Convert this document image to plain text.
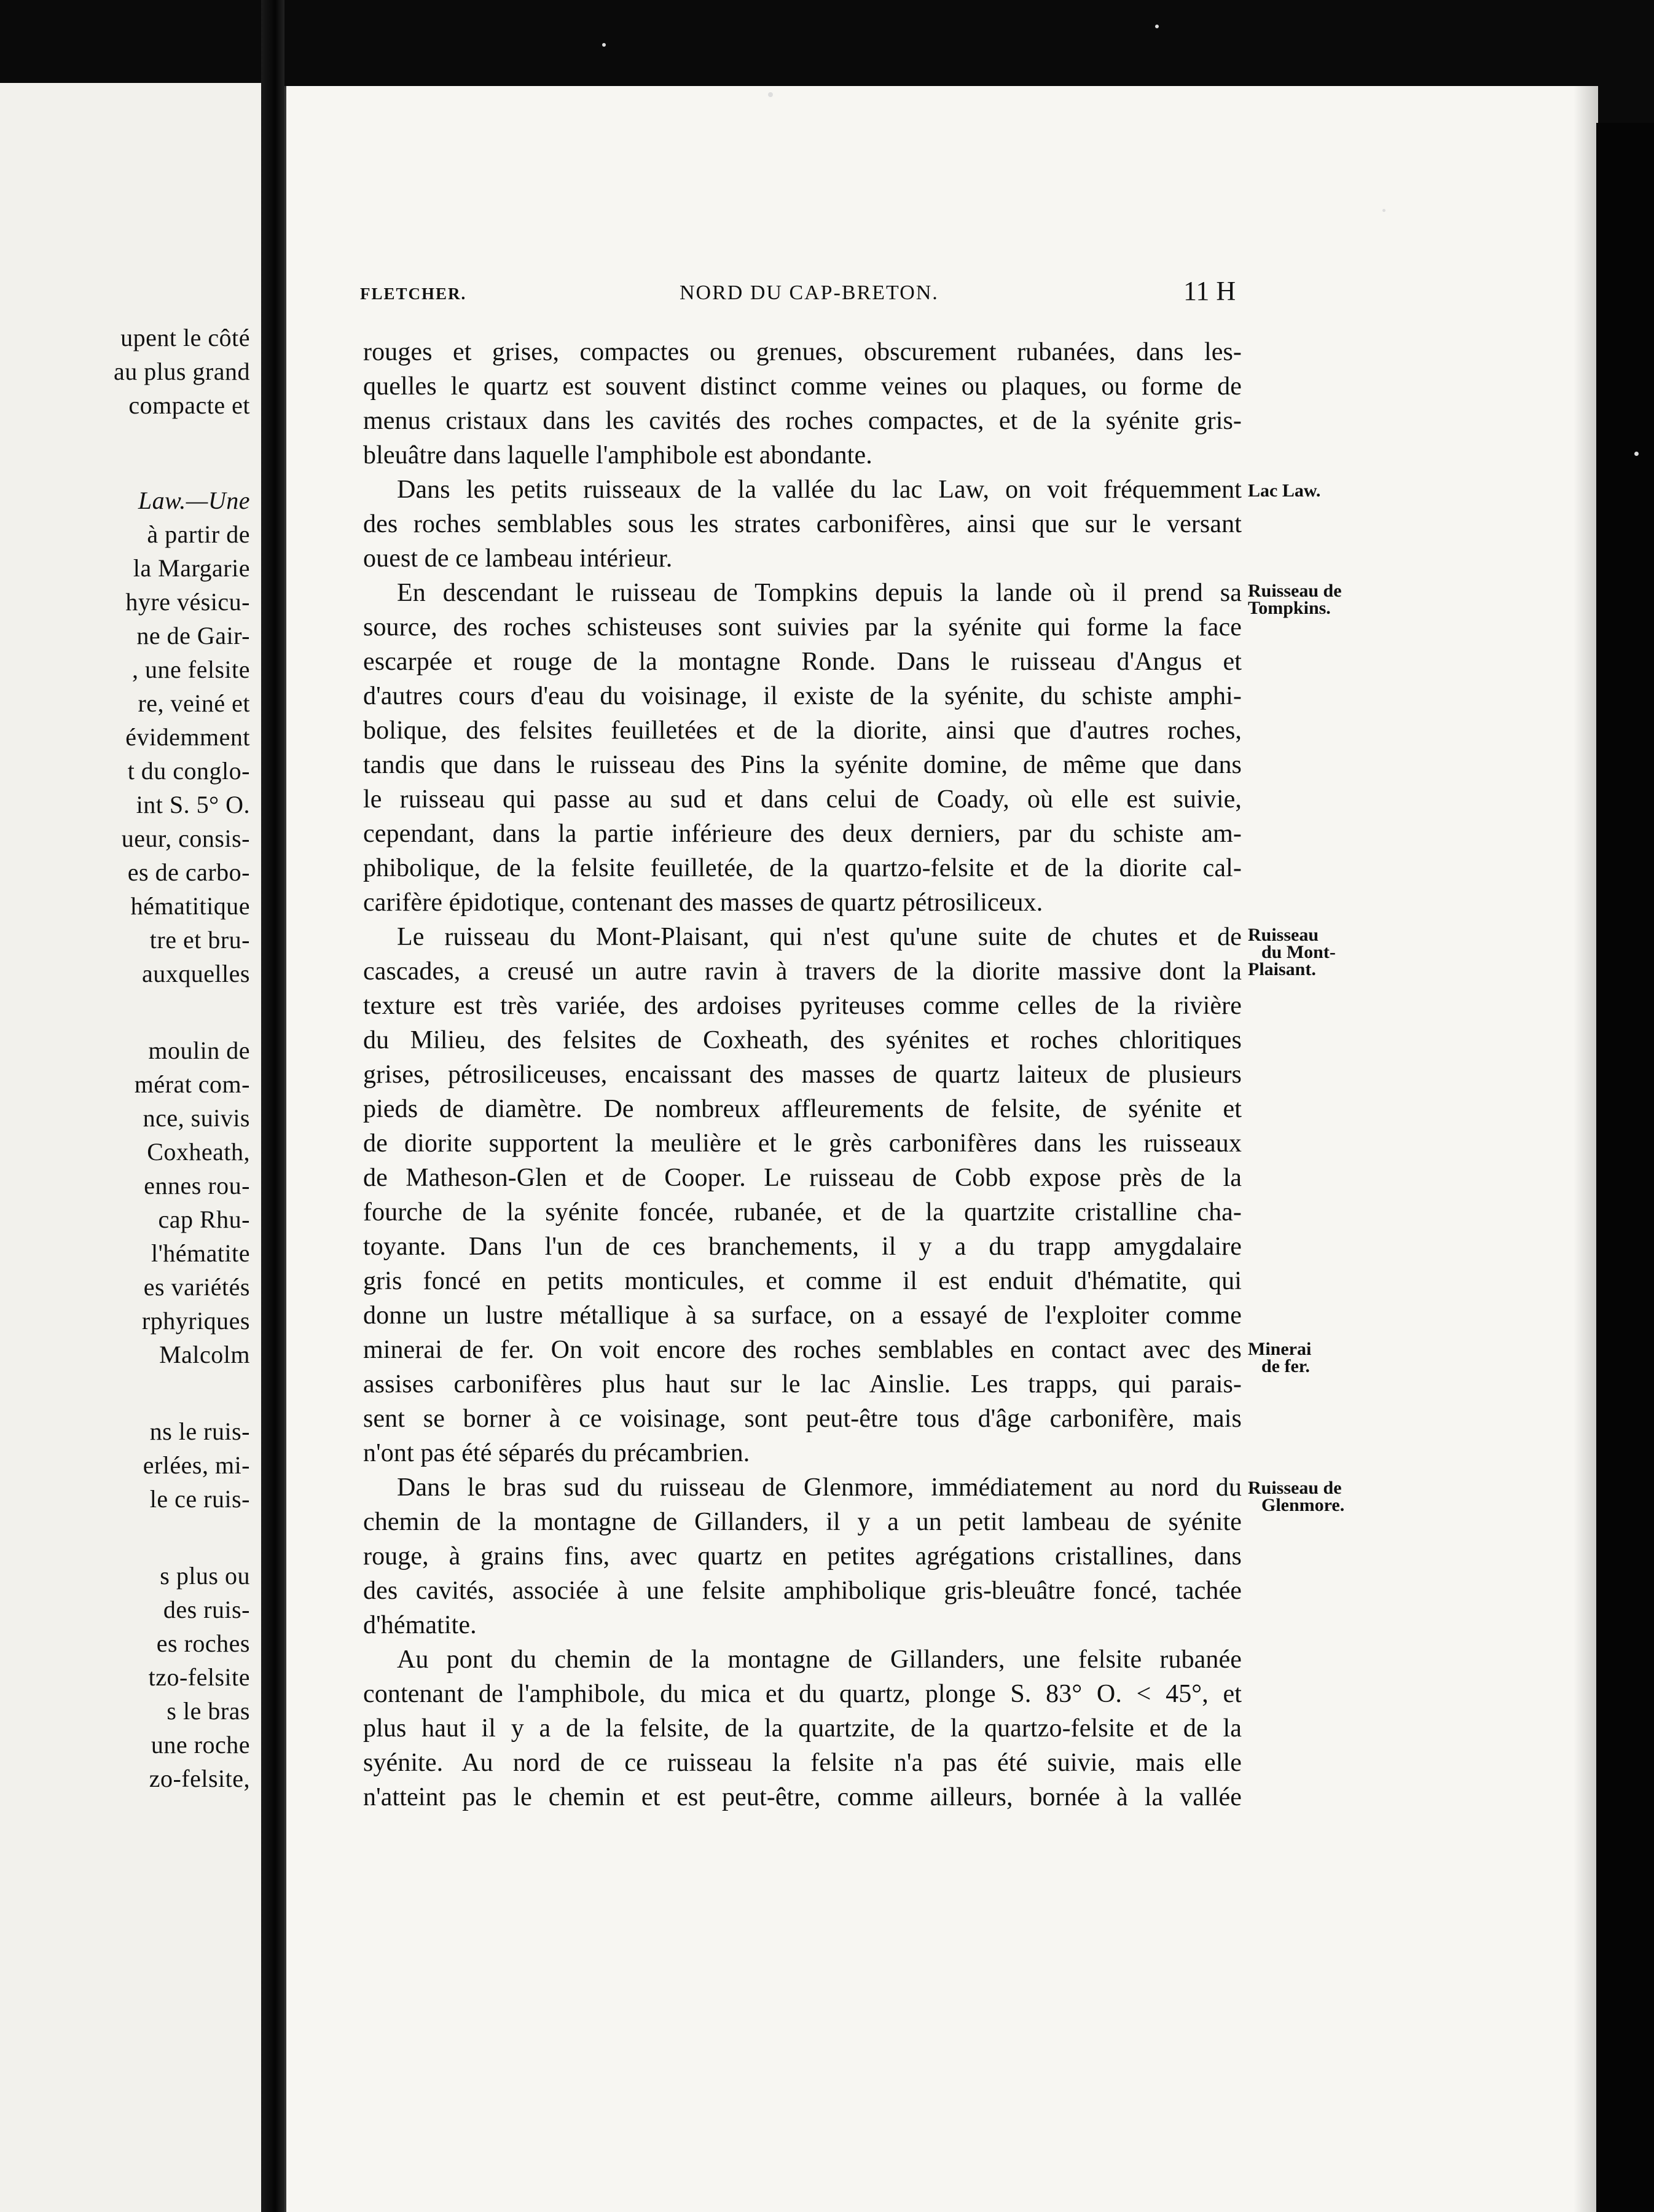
upent le côté
au plus grand
compacte et
Law.—Une
à partir de
la Margarie
hyre vésicu-
ne de Gair-
, une felsite
re, veiné et
évidemment
t du conglo-
int S. 5° O.
ueur, consis-
es de carbo-
hématitique
tre et bru-
auxquelles
moulin de
mérat com-
nce, suivis
Coxheath,
ennes rou-
cap Rhu-
l'hématite
es variétés
rphyriques
Malcolm
ns le ruis-
erlées, mi-
le ce ruis-
s plus ou
des ruis-
es roches
tzo-felsite
s le bras
une roche
zo-felsite,
FLETCHER.	NORD DU CAP-BRETON.	11 H
rouges et grises, compactes ou grenues, obscurement rubanées, dans les-
quelles le quartz est souvent distinct comme veines ou plaques, ou forme de
menus cristaux dans les cavités des roches compactes, et de la syénite gris-
bleuâtre dans laquelle l'amphibole est abondante.
Dans les petits ruisseaux de la vallée du lac Law, on voit fréquemment
des roches semblables sous les strates carbonifères, ainsi que sur le versant
ouest de ce lambeau intérieur.
En descendant le ruisseau de Tompkins depuis la lande où il prend sa
source, des roches schisteuses sont suivies par la syénite qui forme la face
escarpée et rouge de la montagne Ronde. Dans le ruisseau d'Angus et
d'autres cours d'eau du voisinage, il existe de la syénite, du schiste amphi-
bolique, des felsites feuilletées et de la diorite, ainsi que d'autres roches,
tandis que dans le ruisseau des Pins la syénite domine, de même que dans
le ruisseau qui passe au sud et dans celui de Coady, où elle est suivie,
cependant, dans la partie inférieure des deux derniers, par du schiste am-
phibolique, de la felsite feuilletée, de la quartzo-felsite et de la diorite cal-
carifère épidotique, contenant des masses de quartz pétrosiliceux.
Le ruisseau du Mont-Plaisant, qui n'est qu'une suite de chutes et de
cascades, a creusé un autre ravin à travers de la diorite massive dont la
texture est très variée, des ardoises pyriteuses comme celles de la rivière
du Milieu, des felsites de Coxheath, des syénites et roches chloritiques
grises, pétrosiliceuses, encaissant des masses de quartz laiteux de plusieurs
pieds de diamètre. De nombreux affleurements de felsite, de syénite et
de diorite supportent la meulière et le grès carbonifères dans les ruisseaux
de Matheson-Glen et de Cooper. Le ruisseau de Cobb expose près de la
fourche de la syénite foncée, rubanée, et de la quartzite cristalline cha-
toyante. Dans l'un de ces branchements, il y a du trapp amygdalaire
gris foncé en petits monticules, et comme il est enduit d'hématite, qui
donne un lustre métallique à sa surface, on a essayé de l'exploiter comme
minerai de fer. On voit encore des roches semblables en contact avec des
assises carbonifères plus haut sur le lac Ainslie. Les trapps, qui parais-
sent se borner à ce voisinage, sont peut-être tous d'âge carbonifère, mais
n'ont pas été séparés du précambrien.
Dans le bras sud du ruisseau de Glenmore, immédiatement au nord du
chemin de la montagne de Gillanders, il y a un petit lambeau de syénite
rouge, à grains fins, avec quartz en petites agrégations cristallines, dans
des cavités, associée à une felsite amphibolique gris-bleuâtre foncé, tachée
d'hématite.
Au pont du chemin de la montagne de Gillanders, une felsite rubanée
contenant de l'amphibole, du mica et du quartz, plonge S. 83° O. < 45°, et
plus haut il y a de la felsite, de la quartzite, de la quartzo-felsite et de la
syénite. Au nord de ce ruisseau la felsite n'a pas été suivie, mais elle
n'atteint pas le chemin et est peut-être, comme ailleurs, bornée à la vallée
Lac Law.
Ruisseau de
Tompkins.
Ruisseau
du Mont-
Plaisant.
Minerai
de fer.
Ruisseau de
Glenmore.
